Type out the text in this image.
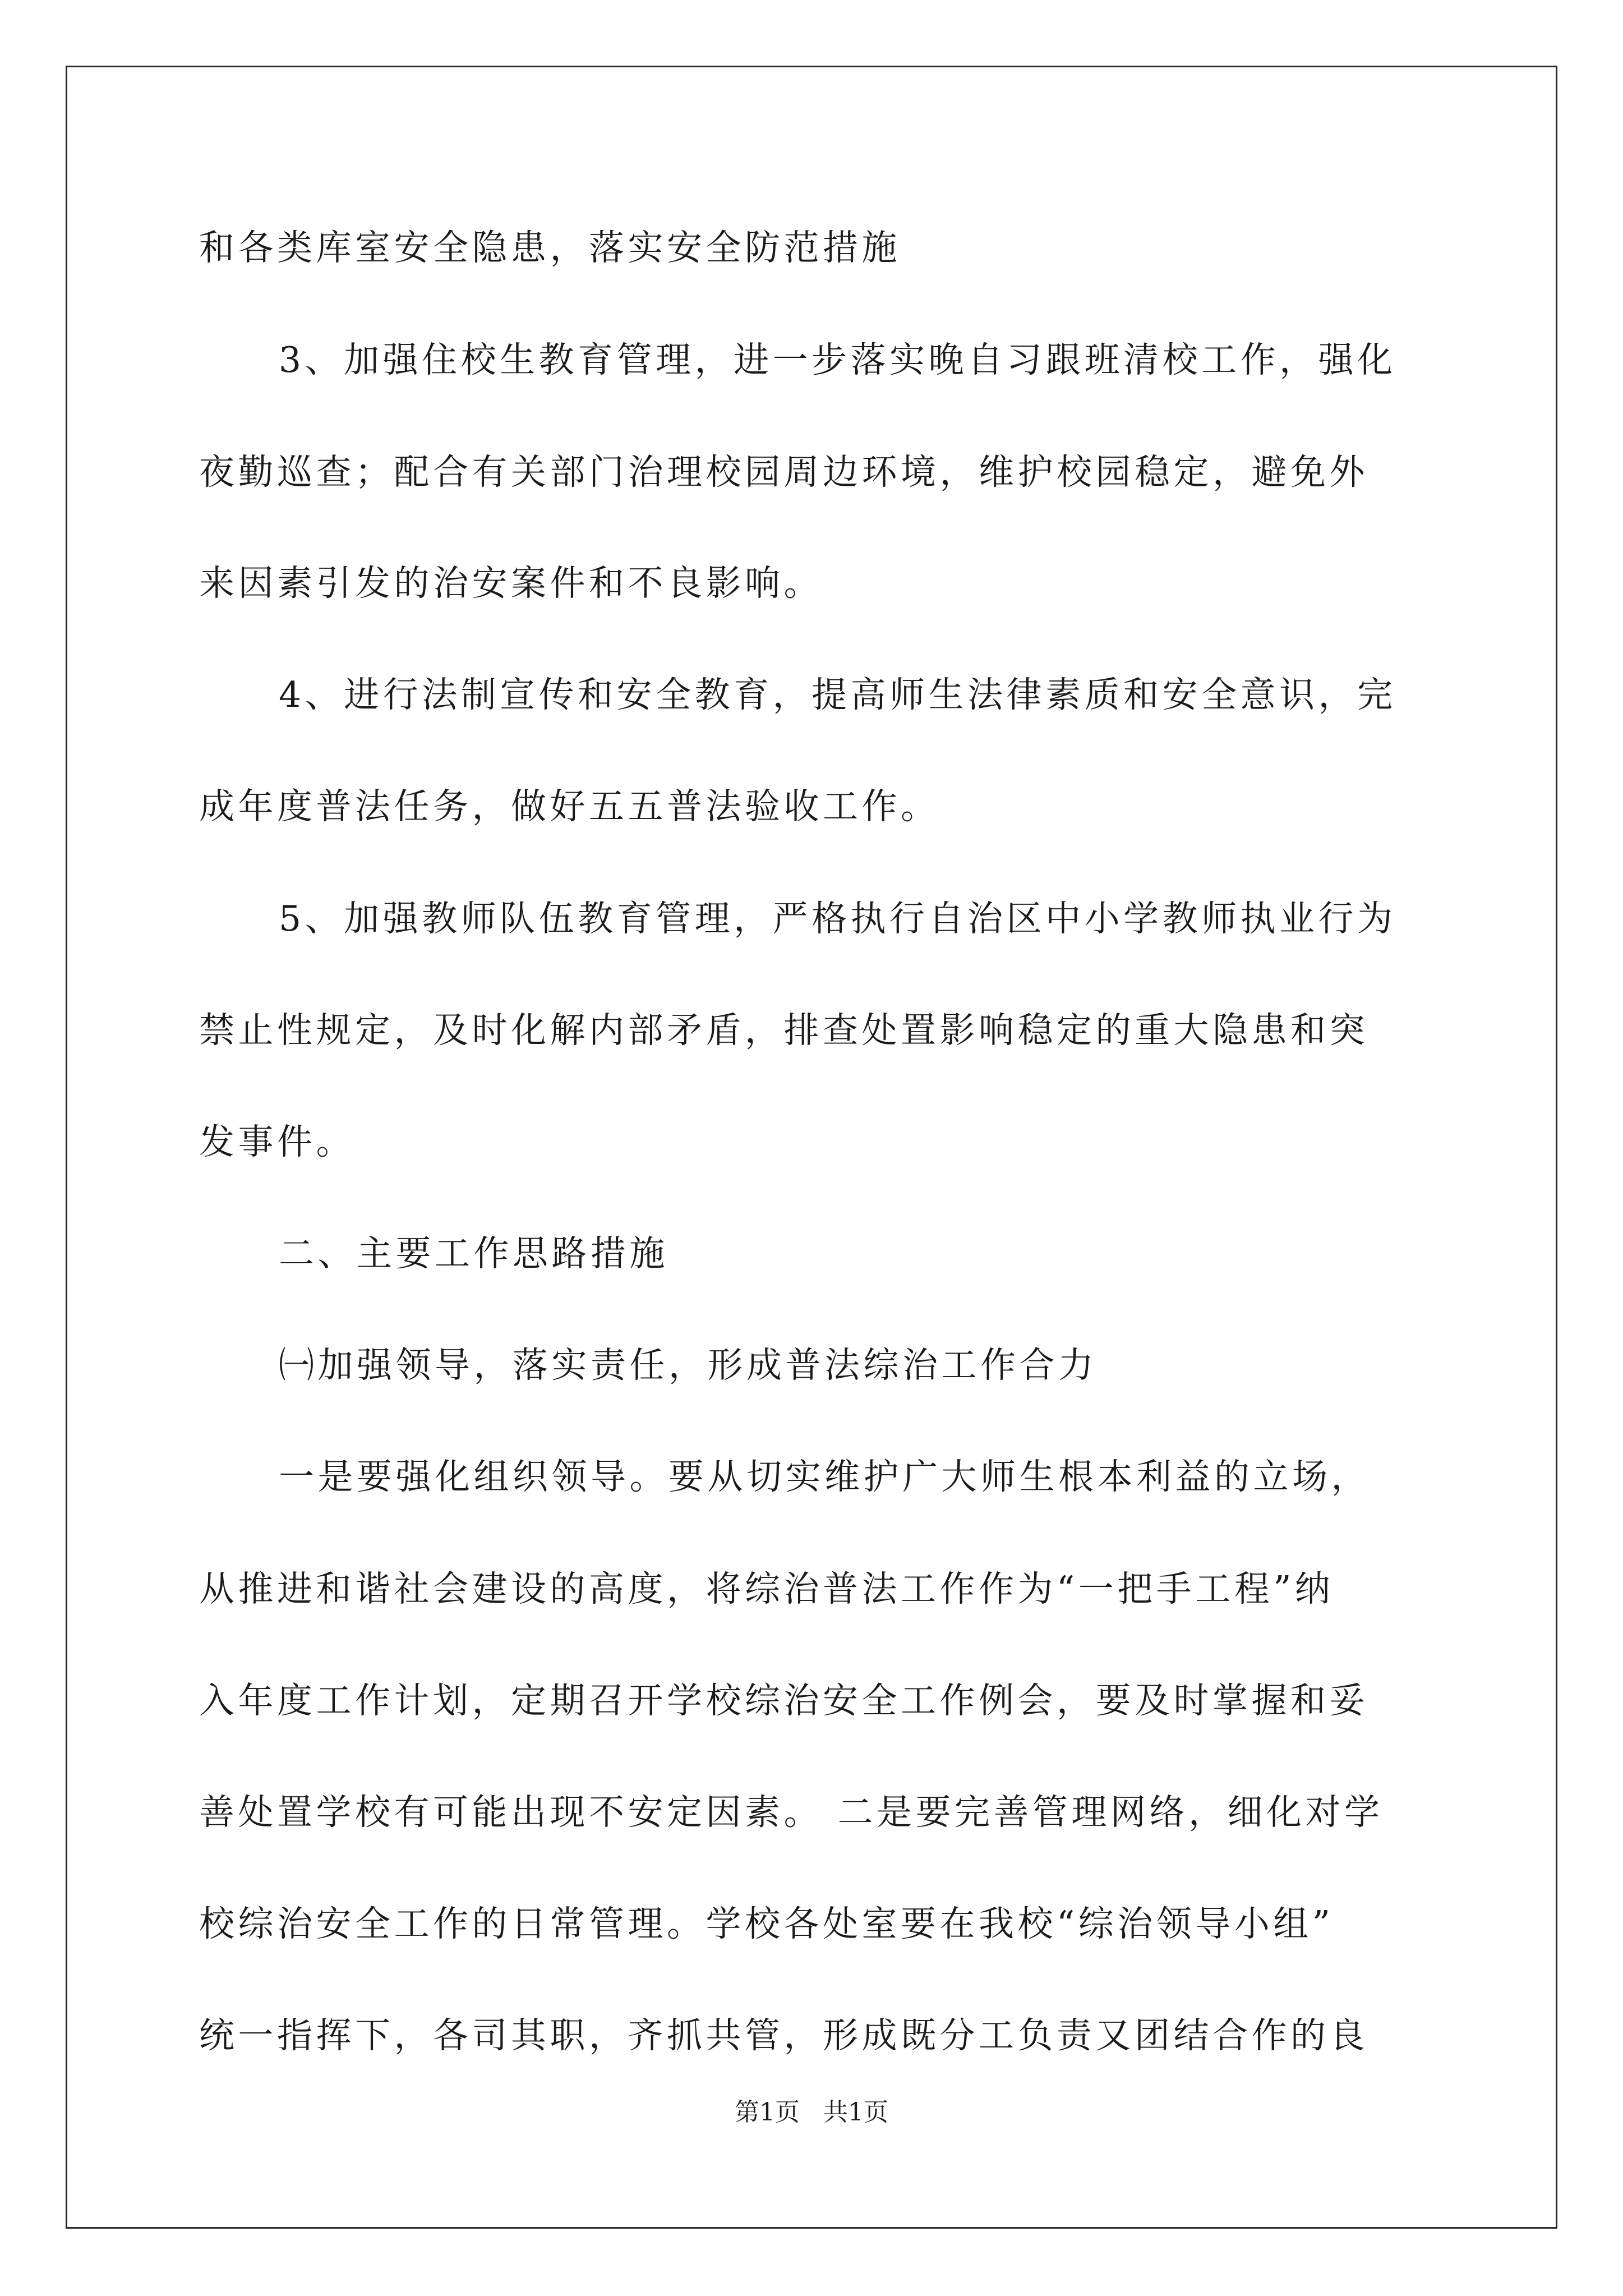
和各类库室安全隐患，落实安全防范措施
3、加强住校生教育管理，进一步落实晚自习跟班清校工作，强化
夜勤巡查；配合有关部门治理校园周边环境，维护校园稳定，避免外
来因素引发的治安案件和不良影响。
4、进行法制宣传和安全教育，提高师生法律素质和安全意识，完
成年度普法任务，做好五五普法验收工作。
5、加强教师队伍教育管理，严格执行自治区中小学教师执业行为
禁止性规定，及时化解内部矛盾，排查处置影响稳定的重大隐患和突
发事件。
二、主要工作思路措施
㈠加强领导，落实责任，形成普法综治工作合力
一是要强化组织领导。要从切实维护广大师生根本利益的立场，
从推进和谐社会建设的高度，将综治普法工作作为“一把手工程”纳
入年度工作计划，定期召开学校综治安全工作例会，要及时掌握和妥
善处置学校有可能出现不安定因素。 二是要完善管理网络，细化对学
校综治安全工作的日常管理。学校各处室要在我校“综治领导小组”
统一指挥下，各司其职，齐抓共管，形成既分工负责又团结合作的良
第1页   共1页
